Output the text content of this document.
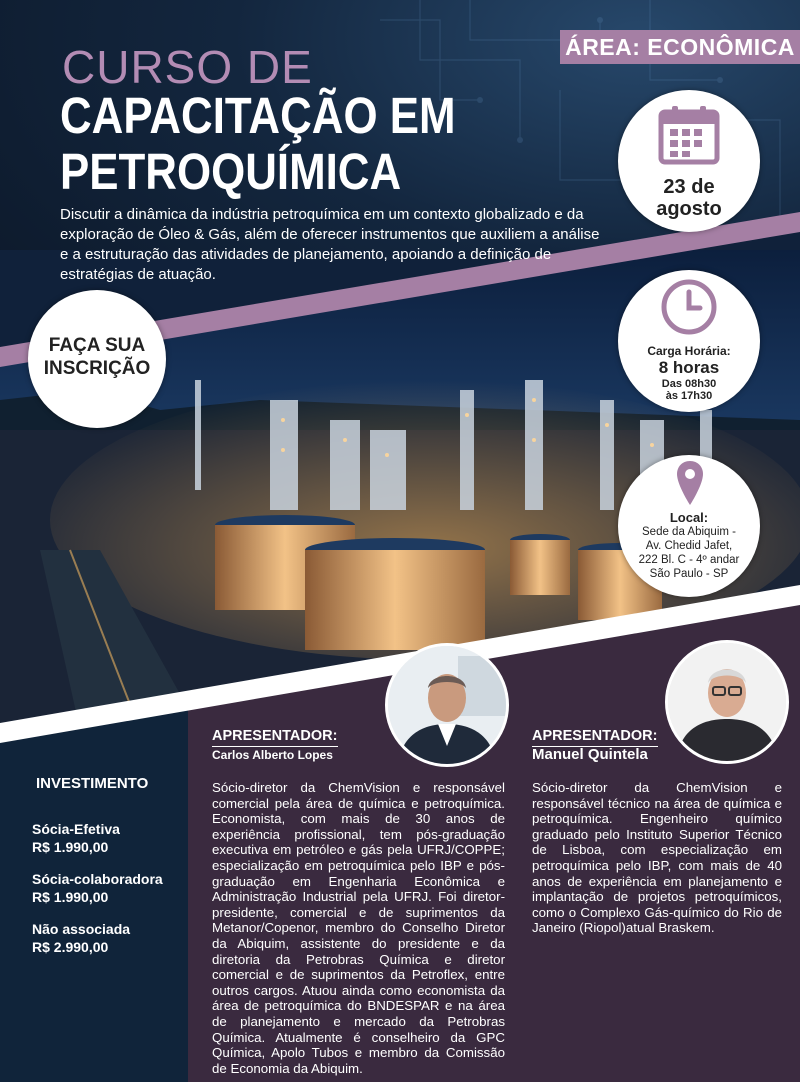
ÁREA: ECONÔMICA
CURSO DE
CAPACITAÇÃO EM
PETROQUÍMICA
Discutir a dinâmica da indústria petroquímica em um contexto globalizado e da exploração de Óleo & Gás, além de oferecer instrumentos que auxiliem a análise e a estruturação das atividades de planejamento, apoiando a definição de estratégias de atuação.
23 de
agosto
FAÇA SUA
INSCRIÇÃO
Carga Horária:
8 horas
Das 08h30
às 17h30
Local:
Sede da Abiquim -
Av. Chedid Jafet,
222 Bl. C - 4º andar
São Paulo - SP
APRESENTADOR:
Carlos Alberto Lopes
Sócio-diretor da ChemVision e responsável comercial pela área de química e petroquímica. Economista, com mais de 30 anos de experiência profissional, tem pós-graduação executiva em petróleo e gás pela UFRJ/COPPE; especialização em petroquímica pelo IBP e pós-graduação em Engenharia Econômica e Administração Industrial pela UFRJ. Foi diretor-presidente, comercial e de suprimentos da Metanor/Copenor, membro do Conselho Diretor da Abiquim, assistente do presidente e da diretoria da Petrobras Química e diretor comercial e de suprimentos da Petroflex, entre outros cargos. Atuou ainda como economista da área de petroquímica do BNDESPAR e na área de planejamento e mercado da Petrobras Química. Atualmente é conselheiro da GPC Química, Apolo Tubos e membro da Comissão de Economia da Abiquim.
APRESENTADOR:
Manuel Quintela
Sócio-diretor da ChemVision e responsável técnico na área de química e petroquímica. Engenheiro químico graduado pelo Instituto Superior Técnico de Lisboa, com especialização em petroquímica pelo IBP, com mais de 40 anos de experiência em planejamento e implantação de projetos petroquímicos, como o Complexo Gás-químico do Rio de Janeiro (Riopol)atual Braskem.
INVESTIMENTO
Sócia-Efetiva
R$ 1.990,00
Sócia-colaboradora
R$ 1.990,00
Não associada
R$ 2.990,00
